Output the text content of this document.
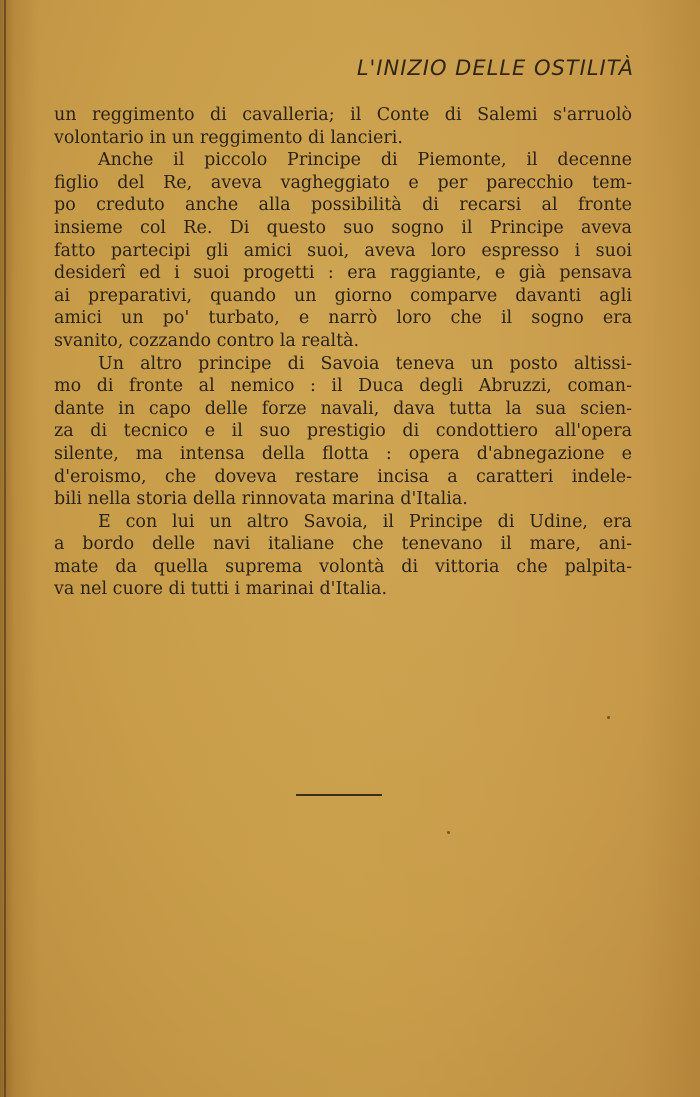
L'INIZIO DELLE OSTILITÀ
un reggimento di cavalleria; il Conte di Salemi s'arruolò
volontario in un reggimento di lancieri.
Anche il piccolo Principe di Piemonte, il decenne
figlio del Re, aveva vagheggiato e per parecchio tem-
po creduto anche alla possibilità di recarsi al fronte
insieme col Re. Di questo suo sogno il Principe aveva
fatto partecipi gli amici suoi, aveva loro espresso i suoi
desiderî ed i suoi progetti : era raggiante, e già pensava
ai preparativi, quando un giorno comparve davanti agli
amici un po' turbato, e narrò loro che il sogno era
svanito, cozzando contro la realtà.
Un altro principe di Savoia teneva un posto altissi-
mo di fronte al nemico : il Duca degli Abruzzi, coman-
dante in capo delle forze navali, dava tutta la sua scien-
za di tecnico e il suo prestigio di condottiero all'opera
silente, ma intensa della flotta : opera d'abnegazione e
d'eroismo, che doveva restare incisa a caratteri indele-
bili nella storia della rinnovata marina d'Italia.
E con lui un altro Savoia, il Principe di Udine, era
a bordo delle navi italiane che tenevano il mare, ani-
mate da quella suprema volontà di vittoria che palpita-
va nel cuore di tutti i marinai d'Italia.
